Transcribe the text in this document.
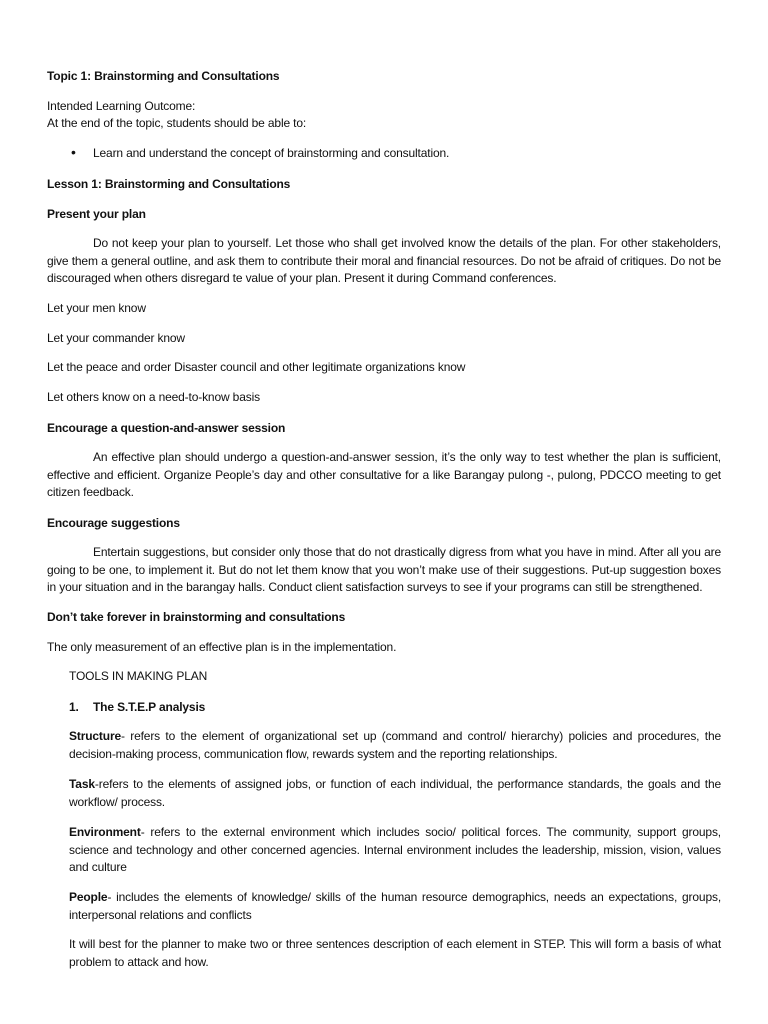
Topic 1: Brainstorming and Consultations
Intended Learning Outcome:
At the end of the topic, students should be able to:
• Learn and understand the concept of brainstorming and consultation.
Lesson 1: Brainstorming and Consultations
Present your plan
Do not keep your plan to yourself. Let those who shall get involved know the details of the plan. For other stakeholders, give them a general outline, and ask them to contribute their moral and financial resources. Do not be afraid of critiques. Do not be discouraged when others disregard te value of your plan. Present it during Command conferences.
Let your men know
Let your commander know
Let the peace and order Disaster council and other legitimate organizations know
Let others know on a need-to-know basis
Encourage a question-and-answer session
An effective plan should undergo a question-and-answer session, it’s the only way to test whether the plan is sufficient, effective and efficient. Organize People’s day and other consultative for a like Barangay pulong -, pulong, PDCCO meeting to get citizen feedback.
Encourage suggestions
Entertain suggestions, but consider only those that do not drastically digress from what you have in mind. After all you are going to be one, to implement it. But do not let them know that you won’t make use of their suggestions. Put-up suggestion boxes in your situation and in the barangay halls. Conduct client satisfaction surveys to see if your programs can still be strengthened.
Don’t take forever in brainstorming and consultations
The only measurement of an effective plan is in the implementation.
TOOLS IN MAKING PLAN
1. The S.T.E.P analysis
Structure- refers to the element of organizational set up (command and control/ hierarchy) policies and procedures, the decision-making process, communication flow, rewards system and the reporting relationships.
Task-refers to the elements of assigned jobs, or function of each individual, the performance standards, the goals and the workflow/ process.
Environment- refers to the external environment which includes socio/ political forces. The community, support groups, science and technology and other concerned agencies. Internal environment includes the leadership, mission, vision, values and culture
People- includes the elements of knowledge/ skills of the human resource demographics, needs an expectations, groups, interpersonal relations and conflicts
It will best for the planner to make two or three sentences description of each element in STEP. This will form a basis of what problem to attack and how.
